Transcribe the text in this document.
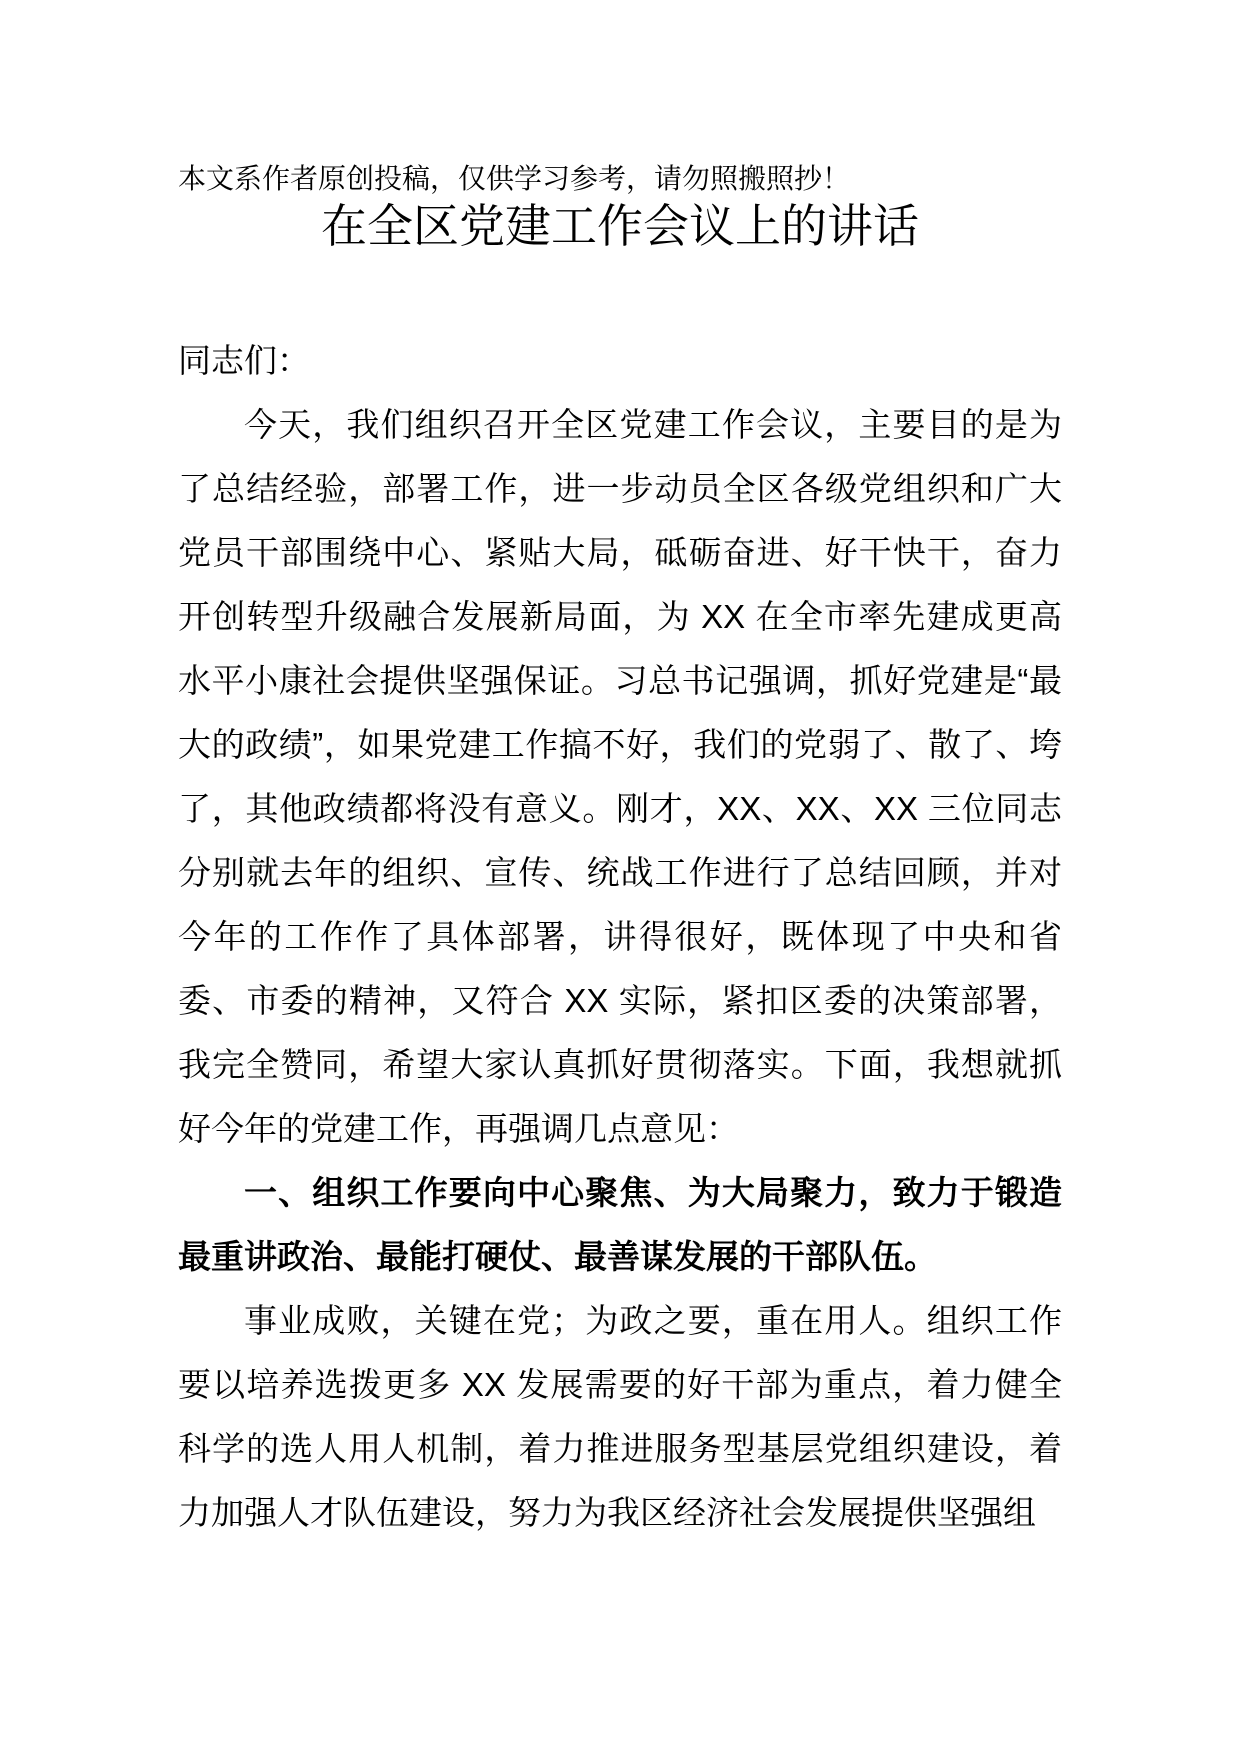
本文系作者原创投稿，仅供学习参考，请勿照搬照抄！

在全区党建工作会议上的讲话

同志们：

今天，我们组织召开全区党建工作会议，主要目的是为了总结经验，部署工作，进一步动员全区各级党组织和广大党员干部围绕中心、紧贴大局，砥砺奋进、好干快干，奋力开创转型升级融合发展新局面，为 XX 在全市率先建成更高水平小康社会提供坚强保证。习总书记强调，抓好党建是“最大的政绩”，如果党建工作搞不好，我们的党弱了、散了、垮了，其他政绩都将没有意义。刚才，XX、XX、XX 三位同志分别就去年的组织、宣传、统战工作进行了总结回顾，并对今年的工作作了具体部署，讲得很好，既体现了中央和省委、市委的精神，又符合 XX 实际，紧扣区委的决策部署，我完全赞同，希望大家认真抓好贯彻落实。下面，我想就抓好今年的党建工作，再强调几点意见：

一、组织工作要向中心聚焦、为大局聚力，致力于锻造最重讲政治、最能打硬仗、最善谋发展的干部队伍。

事业成败，关键在党；为政之要，重在用人。组织工作要以培养选拨更多 XX 发展需要的好干部为重点，着力健全科学的选人用人机制，着力推进服务型基层党组织建设，着力加强人才队伍建设，努力为我区经济社会发展提供坚强组
